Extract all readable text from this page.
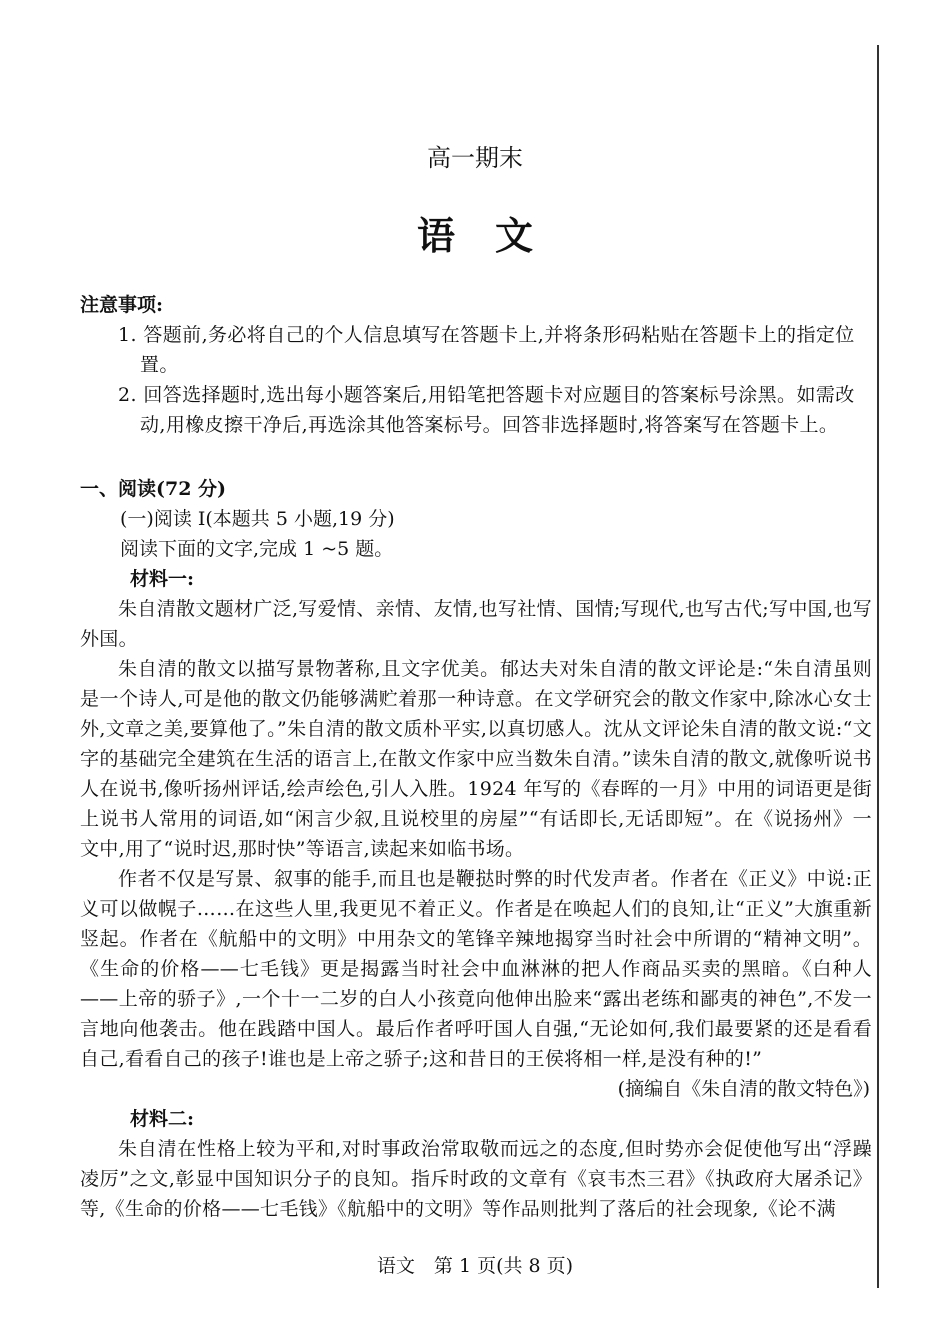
高一期末
语文
注意事项:

1. 答题前,务必将自己的个人信息填写在答题卡上,并将条形码粘贴在答题卡上的指定位置。

2. 回答选择题时,选出每小题答案后,用铅笔把答题卡对应题目的答案标号涂黑。如需改动,用橡皮擦干净后,再选涂其他答案标号。回答非选择题时,将答案写在答题卡上。

一、阅读(72 分)

(一)阅读 I(本题共 5 小题,19 分)

阅读下面的文字,完成 1 ~5 题。

材料一:

朱自清散文题材广泛,写爱情、亲情、友情,也写社情、国情;写现代,也写古代;写中国,也写外国。

朱自清的散文以描写景物著称,且文字优美。郁达夫对朱自清的散文评论是:“朱自清虽则是一个诗人,可是他的散文仍能够满贮着那一种诗意。在文学研究会的散文作家中,除冰心女士外,文章之美,要算他了。”朱自清的散文质朴平实,以真切感人。沈从文评论朱自清的散文说:“文字的基础完全建筑在生活的语言上,在散文作家中应当数朱自清。”读朱自清的散文,就像听说书人在说书,像听扬州评话,绘声绘色,引人入胜。1924 年写的《春晖的一月》中用的词语更是街上说书人常用的词语,如“闲言少叙,且说校里的房屋”“有话即长,无话即短”。在《说扬州》一文中,用了“说时迟,那时快”等语言,读起来如临书场。

作者不仅是写景、叙事的能手,而且也是鞭挞时弊的时代发声者。作者在《正义》中说:正义可以做幌子……在这些人里,我更见不着正义。作者是在唤起人们的良知,让“正义”大旗重新竖起。作者在《航船中的文明》中用杂文的笔锋辛辣地揭穿当时社会中所谓的“精神文明”。《生命的价格——七毛钱》更是揭露当时社会中血淋淋的把人作商品买卖的黑暗。《白种人——上帝的骄子》,一个十一二岁的白人小孩竟向他伸出脸来“露出老练和鄙夷的神色”,不发一言地向他袭击。他在践踏中国人。最后作者呼吁国人自强,“无论如何,我们最要紧的还是看看自己,看看自己的孩子!谁也是上帝之骄子;这和昔日的王侯将相一样,是没有种的!”

(摘编自《朱自清的散文特色》)

材料二:

朱自清在性格上较为平和,对时事政治常取敬而远之的态度,但时势亦会促使他写出“浮躁凌厉”之文,彰显中国知识分子的良知。指斥时政的文章有《哀韦杰三君》《执政府大屠杀记》等,《生命的价格——七毛钱》《航船中的文明》等作品则批判了落后的社会现象,《论不满

语文　第 1 页(共 8 页)
